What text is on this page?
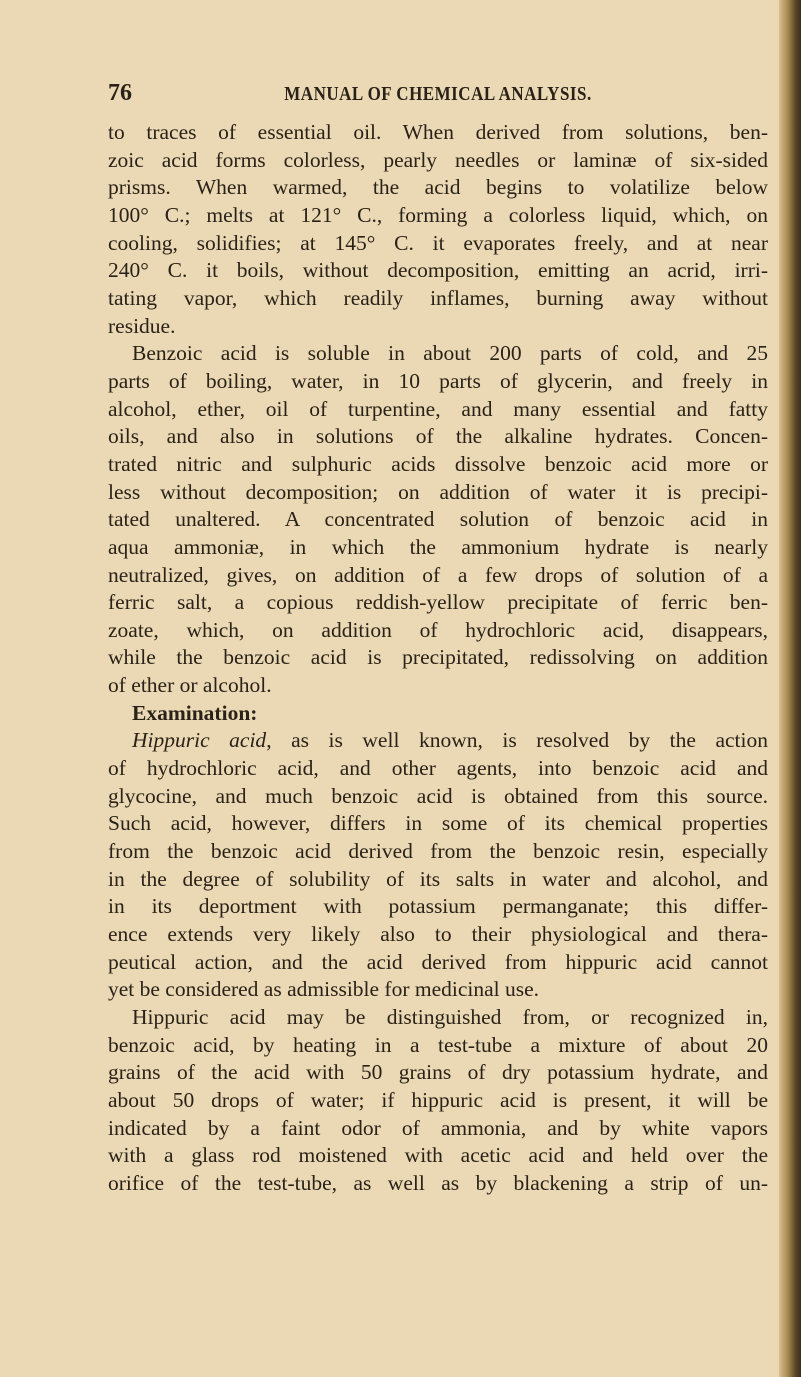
76	MANUAL OF CHEMICAL ANALYSIS.
to traces of essential oil. When derived from solutions, ben-
zoic acid forms colorless, pearly needles or laminæ of six-sided
prisms. When warmed, the acid begins to volatilize below
100° C.; melts at 121° C., forming a colorless liquid, which, on
cooling, solidifies; at 145° C. it evaporates freely, and at near
240° C. it boils, without decomposition, emitting an acrid, irri-
tating vapor, which readily inflames, burning away without
residue.
Benzoic acid is soluble in about 200 parts of cold, and 25
parts of boiling, water, in 10 parts of glycerin, and freely in
alcohol, ether, oil of turpentine, and many essential and fatty
oils, and also in solutions of the alkaline hydrates. Concen-
trated nitric and sulphuric acids dissolve benzoic acid more or
less without decomposition; on addition of water it is precipi-
tated unaltered. A concentrated solution of benzoic acid in
aqua ammoniæ, in which the ammonium hydrate is nearly
neutralized, gives, on addition of a few drops of solution of a
ferric salt, a copious reddish-yellow precipitate of ferric ben-
zoate, which, on addition of hydrochloric acid, disappears,
while the benzoic acid is precipitated, redissolving on addition
of ether or alcohol.
Examination:
Hippuric acid, as is well known, is resolved by the action
of hydrochloric acid, and other agents, into benzoic acid and
glycocine, and much benzoic acid is obtained from this source.
Such acid, however, differs in some of its chemical properties
from the benzoic acid derived from the benzoic resin, especially
in the degree of solubility of its salts in water and alcohol, and
in its deportment with potassium permanganate; this differ-
ence extends very likely also to their physiological and thera-
peutical action, and the acid derived from hippuric acid cannot
yet be considered as admissible for medicinal use.
Hippuric acid may be distinguished from, or recognized in,
benzoic acid, by heating in a test-tube a mixture of about 20
grains of the acid with 50 grains of dry potassium hydrate, and
about 50 drops of water; if hippuric acid is present, it will be
indicated by a faint odor of ammonia, and by white vapors
with a glass rod moistened with acetic acid and held over the
orifice of the test-tube, as well as by blackening a strip of un-
